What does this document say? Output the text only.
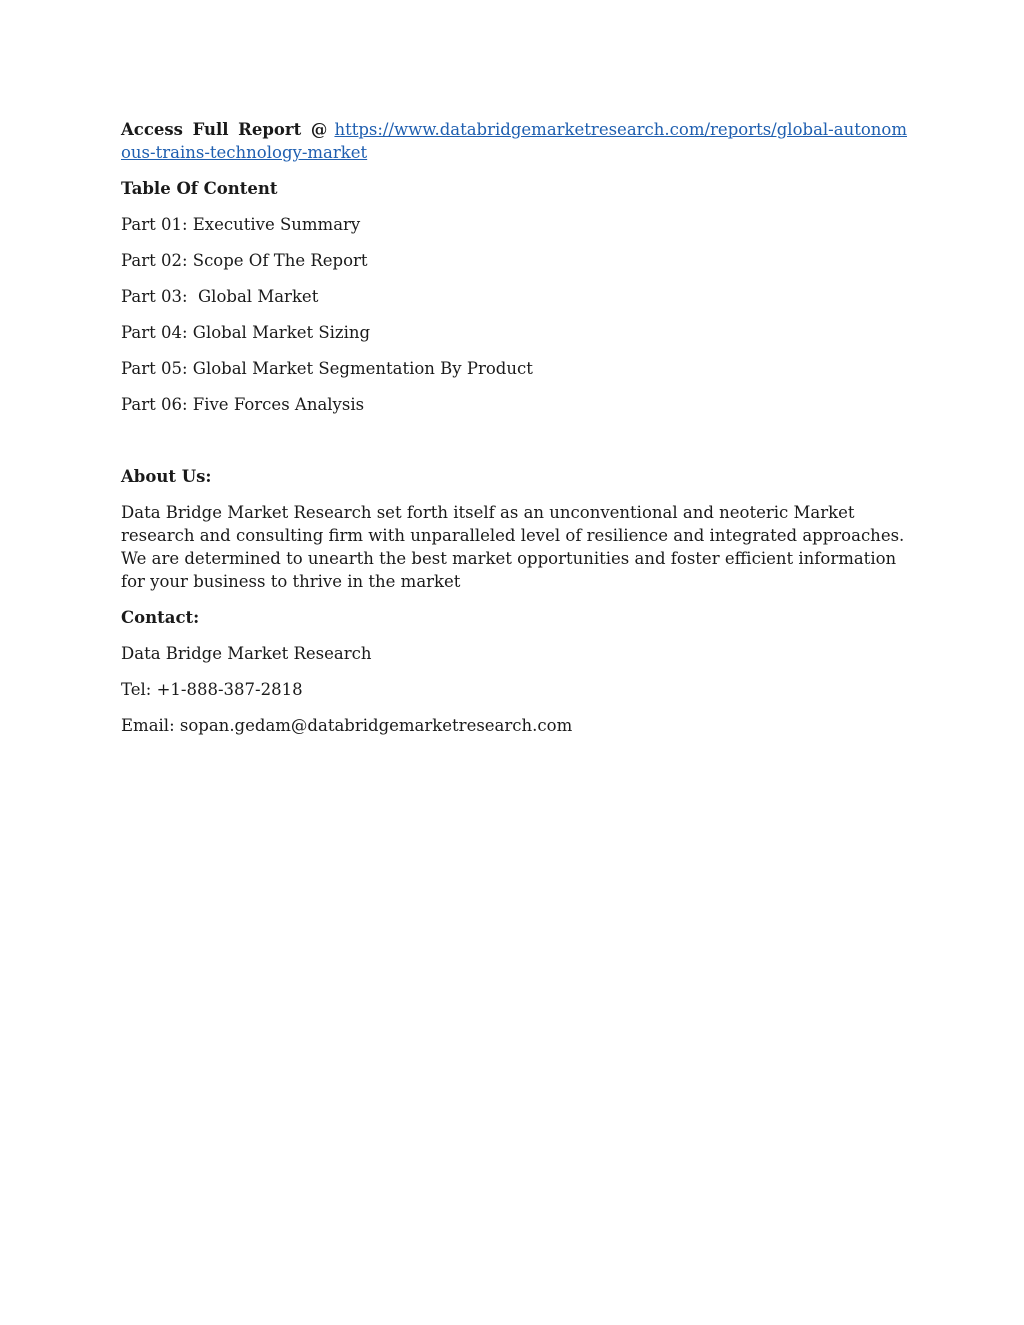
Access Full Report @ https://www.databridgemarketresearch.com/reports/global-autonomous-trains-technology-market

Table Of Content

Part 01: Executive Summary

Part 02: Scope Of The Report

Part 03:  Global Market

Part 04: Global Market Sizing

Part 05: Global Market Segmentation By Product

Part 06: Five Forces Analysis

About Us:

Data Bridge Market Research set forth itself as an unconventional and neoteric Market research and consulting firm with unparalleled level of resilience and integrated approaches. We are determined to unearth the best market opportunities and foster efficient information for your business to thrive in the market

Contact:

Data Bridge Market Research

Tel: +1-888-387-2818

Email: sopan.gedam@databridgemarketresearch.com
